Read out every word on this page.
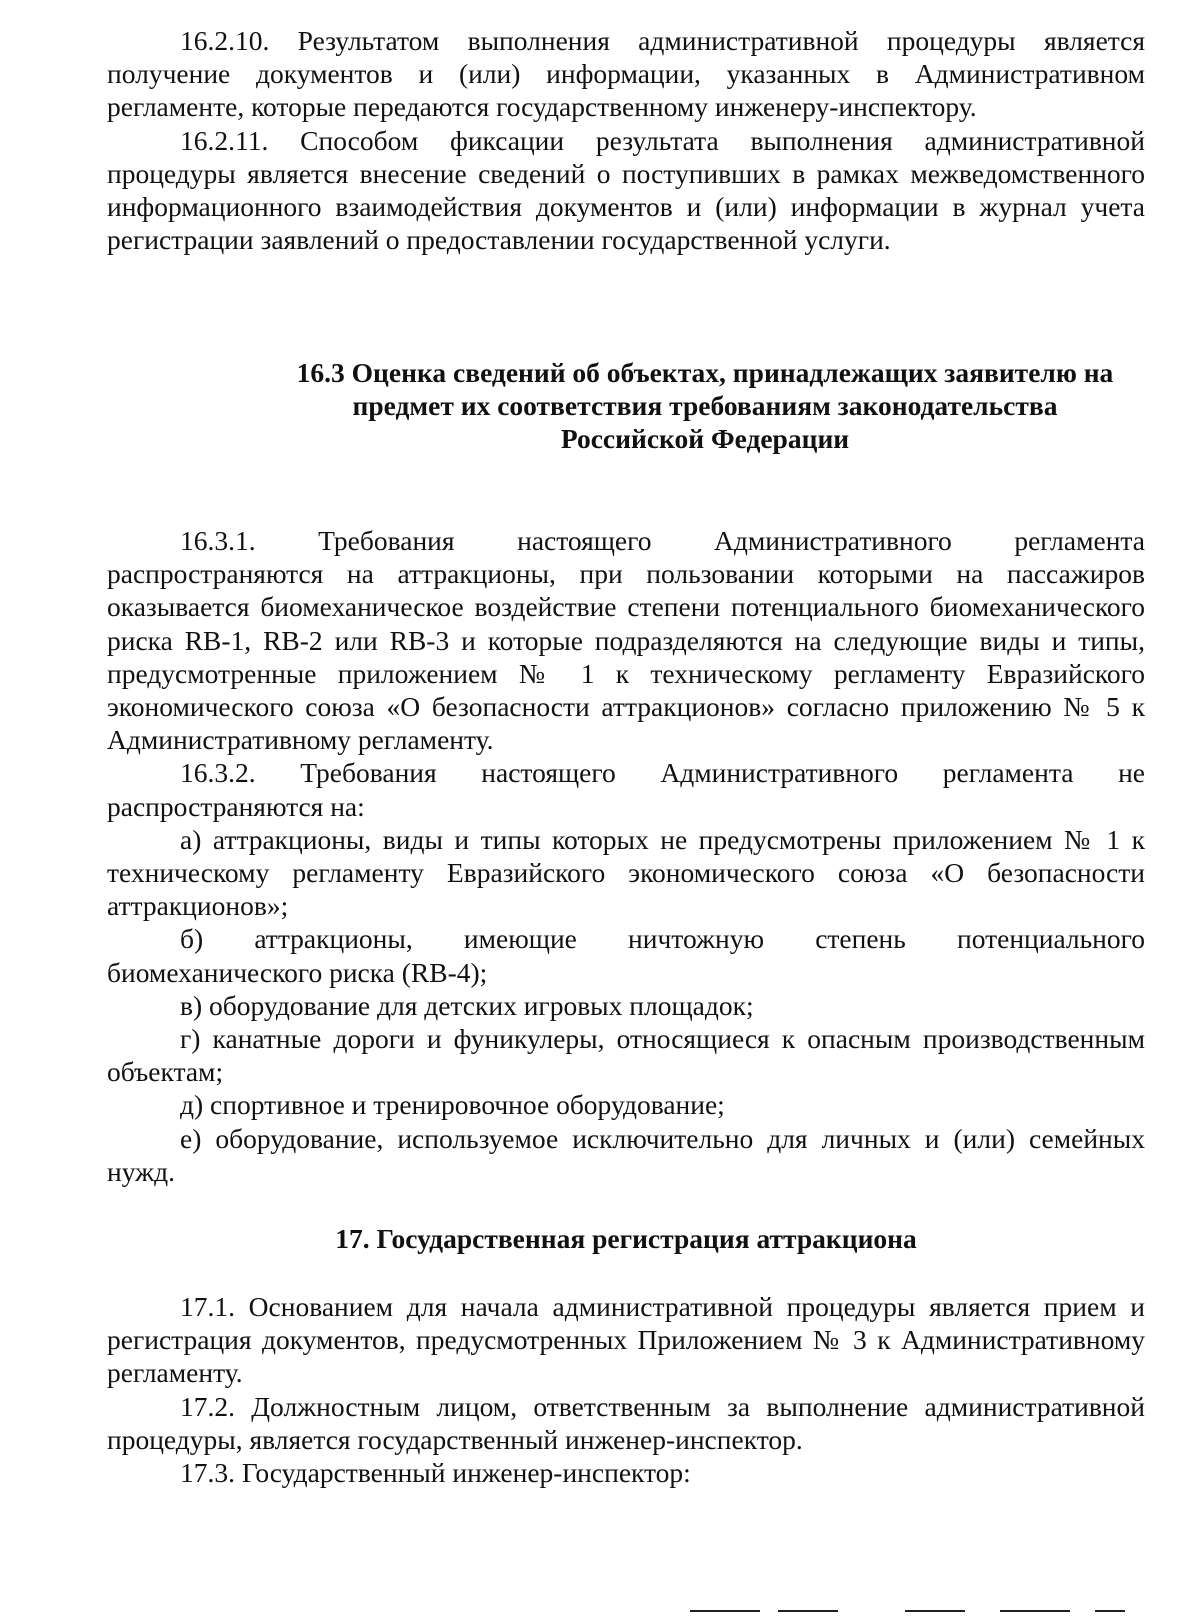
16.2.10. Результатом выполнения административной процедуры является получение документов и (или) информации, указанных в Административном регламенте, которые передаются государственному инженеру-инспектору.

16.2.11. Способом фиксации результата выполнения административной процедуры является внесение сведений о поступивших в рамках межведомственного информационного взаимодействия документов и (или) информации в журнал учета регистрации заявлений о предоставлении государственной услуги.

16.3 Оценка сведений об объектах, принадлежащих заявителю на

предмет их соответствия требованиям законодательства

Российской Федерации

16.3.1. Требования настоящего Административного регламента распространяются на аттракционы, при пользовании которыми на пассажиров оказывается биомеханическое воздействие степени потенциального биомеханического риска RB-1, RB-2 или RB-3 и которые подразделяются на следующие виды и типы, предусмотренные приложением № 1 к техническому регламенту Евразийского экономического союза «О безопасности аттракционов» согласно приложению № 5 к Административному регламенту.

16.3.2. Требования настоящего Административного регламента не распространяются на:

а) аттракционы, виды и типы которых не предусмотрены приложением № 1 к техническому регламенту Евразийского экономического союза «О безопасности аттракционов»;

б) аттракционы, имеющие ничтожную степень потенциального биомеханического риска (RB-4);

в) оборудование для детских игровых площадок;

г) канатные дороги и фуникулеры, относящиеся к опасным производственным объектам;

д) спортивное и тренировочное оборудование;

е) оборудование, используемое исключительно для личных и (или) семейных нужд.

17. Государственная регистрация аттракциона

17.1. Основанием для начала административной процедуры является прием и регистрация документов, предусмотренных Приложением № 3 к Административному регламенту.

17.2. Должностным лицом, ответственным за выполнение административной процедуры, является государственный инженер-инспектор.

17.3. Государственный инженер-инспектор:
